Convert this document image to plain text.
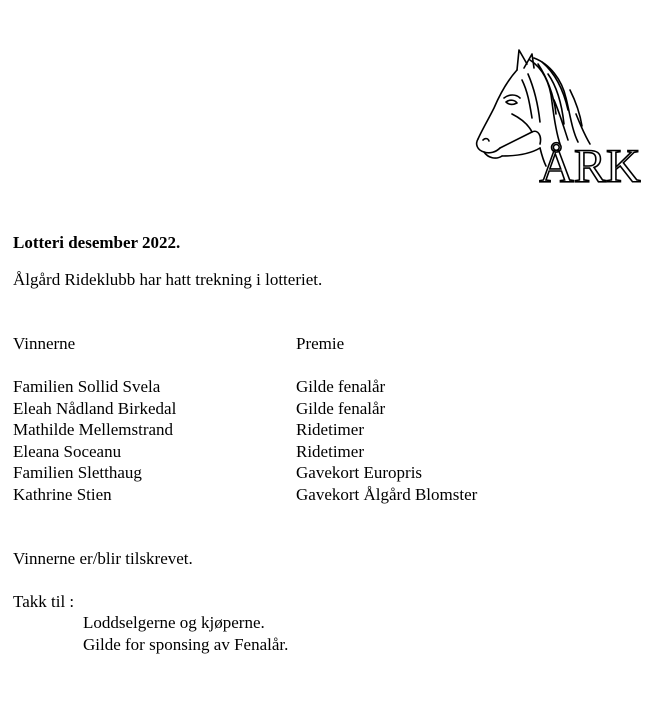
ÅRK
Lotteri desember 2022.
Ålgård Rideklubb har hatt trekning i lotteriet.
Vinnerne	Premie
Familien Sollid Svela
Eleah Nådland Birkedal
Mathilde Mellemstrand
Eleana Soceanu
Familien Sletthaug
Kathrine Stien
Gilde fenalår
Gilde fenalår
Ridetimer
Ridetimer
Gavekort Europris
Gavekort Ålgård Blomster
Vinnerne er/blir tilskrevet.
Takk til :
Loddselgerne og kjøperne.
Gilde for sponsing av Fenalår.
